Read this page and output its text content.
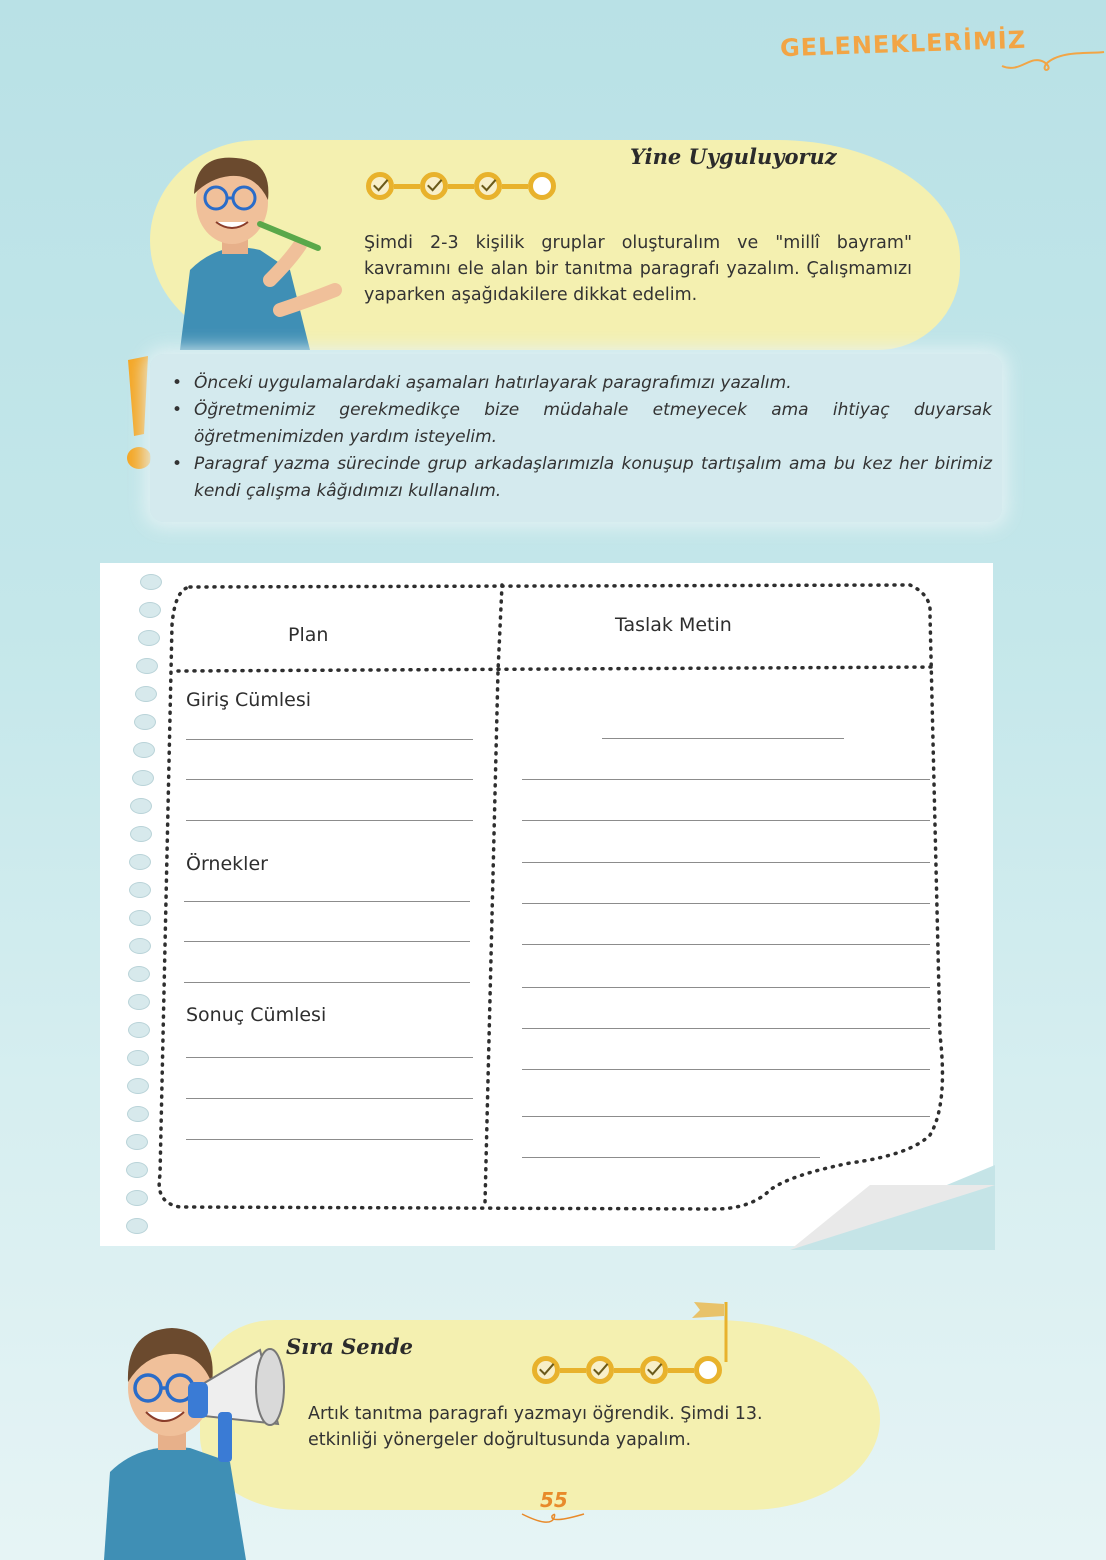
GELENEKLERİMİZ
Yine Uyguluyoruz
Şimdi 2-3 kişilik gruplar oluşturalım ve "millî bayram" kavramını ele alan bir tanıtma paragrafı yazalım. Çalışmamızı yaparken aşağıdakilere dikkat edelim.
• Önceki uygulamalardaki aşamaları hatırlayarak paragrafımızı yazalım.
• Öğretmenimiz gerekmedikçe bize müdahale etmeyecek ama ihtiyaç duyarsak öğretmenimizden yardım isteyelim.
• Paragraf yazma sürecinde grup arkadaşlarımızla konuşup tartışalım ama bu kez her birimiz kendi çalışma kâğıdımızı kullanalım.
Plan	Taslak Metin
Giriş Cümlesi
Örnekler
Sonuç Cümlesi
Sıra Sende
Artık tanıtma paragrafı yazmayı öğrendik. Şimdi 13. etkinliği yönergeler doğrultusunda yapalım.
55
